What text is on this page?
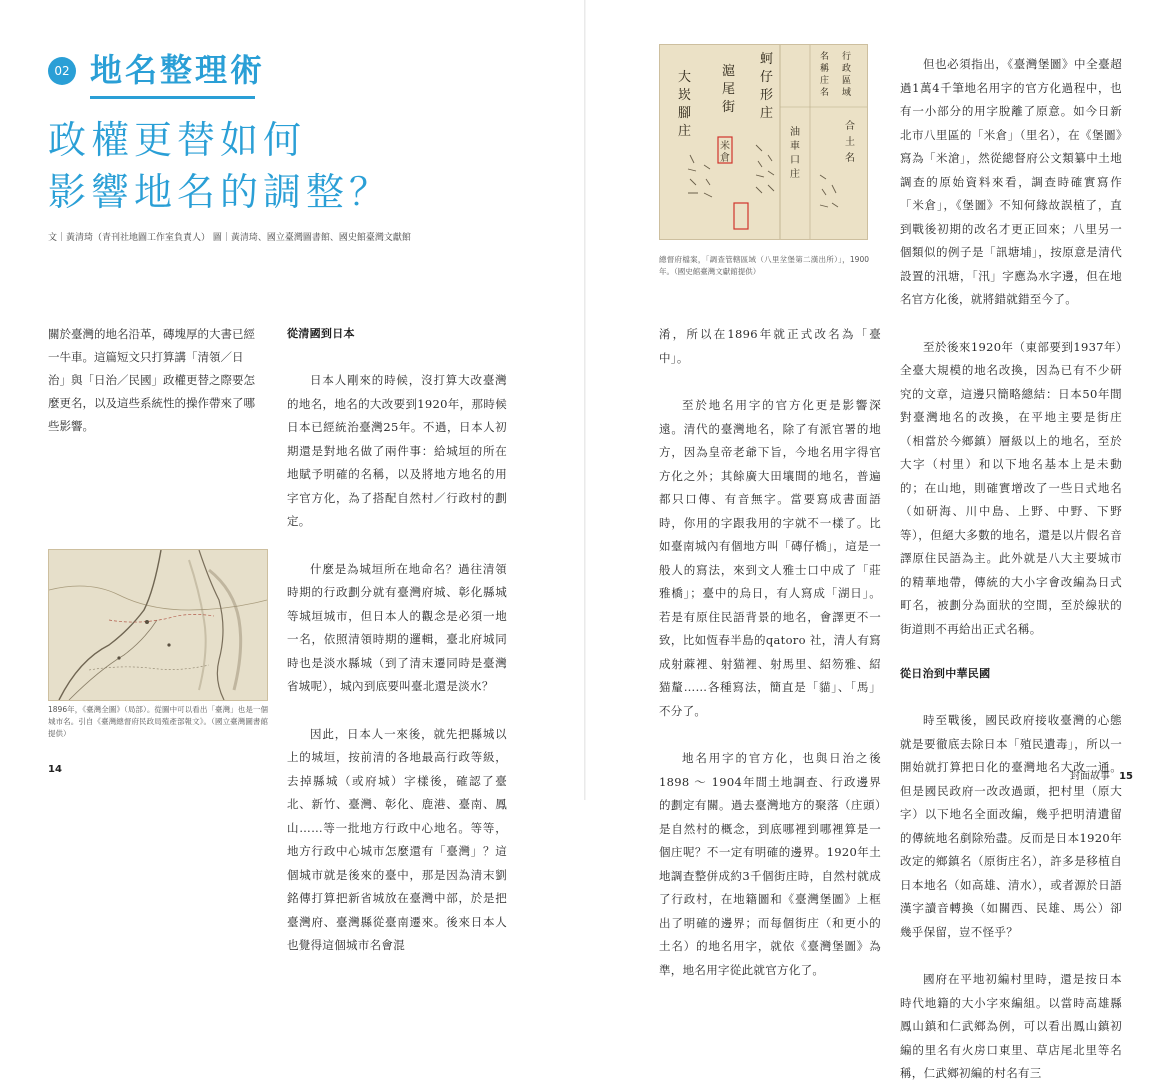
02 地名整理術
政權更替如何
影響地名的調整？
文｜黃清琦（青刊社地圖工作室負責人） 圖｜黃清琦、國立臺灣圖書館、國史館臺灣文獻館
關於臺灣的地名沿革，磚塊厚的大書已經一牛車。這篇短文只打算講「清領／日治」與「日治／民國」政權更替之際要怎麼更名，以及這些系統性的操作帶來了哪些影響。
1896年，《臺灣全圖》（局部）。從圖中可以看出「臺灣」也是一個城市名。引自《臺灣總督府民政局殖產部報文》。（國立臺灣圖書館提供）
從清國到日本

日本人剛來的時候，沒打算大改臺灣的地名，地名的大改要到1920年，那時候日本已經統治臺灣25年。不過，日本人初期還是對地名做了兩件事：給城垣的所在地賦予明確的名稱，以及將地方地名的用字官方化，為了搭配自然村／行政村的劃定。

什麼是為城垣所在地命名？過往清領時期的行政劃分就有臺灣府城、彰化縣城等城垣城市，但日本人的觀念是必須一地一名，依照清領時期的邏輯，臺北府城同時也是淡水縣城（到了清末遷同時是臺灣省城呢），城內到底要叫臺北還是淡水？

因此，日本人一來後，就先把縣城以上的城垣，按前清的各地最高行政等級，去掉縣城（或府城）字樣後，確認了臺北、新竹、臺灣、彰化、鹿港、臺南、鳳山……等一批地方行政中心地名。等等，地方行政中心城市怎麼還有「臺灣」？這個城市就是後來的臺中，那是因為清末劉銘傳打算把新省城放在臺灣中部，於是把臺灣府、臺灣縣從臺南遷來。後來日本人也覺得這個城市名會混

14
行
政
區
域
名
稱
庄
名
合
土
名
蚵
仔
形
庄
滬
尾
街
大
崁
腳
庄
米
倉
油
車
口
庄
總督府檔案，「調查管轄區域（八里坌堡第二漢出所）」，1900年。（國史館臺灣文獻館提供）

淆，所以在1896年就正式改名為「臺中」。

至於地名用字的官方化更是影響深遠。清代的臺灣地名，除了有派官署的地方，因為皇帝老爺下旨，今地名用字得官方化之外；其餘廣大田壤間的地名，普遍都只口傳、有音無字。當要寫成書面語時，你用的字跟我用的字就不一樣了。比如臺南城內有個地方叫「磚仔橋」，這是一般人的寫法，來到文人雅士口中成了「莊雅橋」；臺中的烏日，有人寫成「湖日」。若是有原住民語背景的地名，會譯更不一致，比如恆春半島的qatoro 社，清人有寫成射蔴裡、射猫裡、射馬里、紹笏雅、紹猫釐……各種寫法，簡直是「貓」、「馬」不分了。

地名用字的官方化，也與日治之後1898 ～ 1904年間土地調查、行政邊界的劃定有關。過去臺灣地方的聚落（庄頭）是自然村的概念，到底哪裡到哪裡算是一個庄呢？不一定有明確的邊界。1920年土地調查整併成約3千個街庄時，自然村就成了行政村，在地籍圖和《臺灣堡圖》上框出了明確的邊界；而每個街庄（和更小的土名）的地名用字，就依《臺灣堡圖》為準，地名用字從此就官方化了。

但也必須指出，《臺灣堡圖》中全臺超過1萬4千筆地名用字的官方化過程中，也有一小部分的用字脫離了原意。如今日新北市八里區的「米倉」（里名），在《堡圖》寫為「米滄」，然從總督府公文類纂中土地調查的原始資料來看，調查時確實寫作「米倉」，《堡圖》不知何緣故誤植了，直到戰後初期的改名才更正回來；八里另一個類似的例子是「訊塘埔」，按原意是清代設置的汛塘，「汛」字應為水字邊，但在地名官方化後，就將錯就錯至今了。

至於後來1920年（東部要到1937年）全臺大規模的地名改換，因為已有不少研究的文章，這邊只簡略總結：日本50年間對臺灣地名的改換，在平地主要是街庄（相當於今鄉鎮）層級以上的地名，至於大字（村里）和以下地名基本上是未動的；在山地，則確實增改了一些日式地名（如研海、川中島、上野、中野、下野等），但絕大多數的地名，還是以片假名音譯原住民語為主。此外就是八大主要城市的精華地帶，傳統的大小字會改編為日式町名，被劃分為面狀的空間，至於線狀的街道則不再給出正式名稱。

從日治到中華民國

時至戰後，國民政府接收臺灣的心態就是要徹底去除日本「殖民遺毒」，所以一開始就打算把日化的臺灣地名大改一通。但是國民政府一改改過頭，把村里（原大字）以下地名全面改編，幾乎把明清遺留的傳統地名剷除殆盡。反而是日本1920年改定的鄉鎮名（原街庄名），許多是移植自日本地名（如高雄、清水），或者源於日語漢字讀音轉換（如關西、民雄、馬公）卻幾乎保留，豈不怪乎？

國府在平地初編村里時，還是按日本時代地籍的大小字來編組。以當時高雄縣鳳山鎮和仁武鄉為例，可以看出鳳山鎮初編的里名有火房口東里、草店尾北里等名稱，仁武鄉初編的村名有三

封面故事 15
